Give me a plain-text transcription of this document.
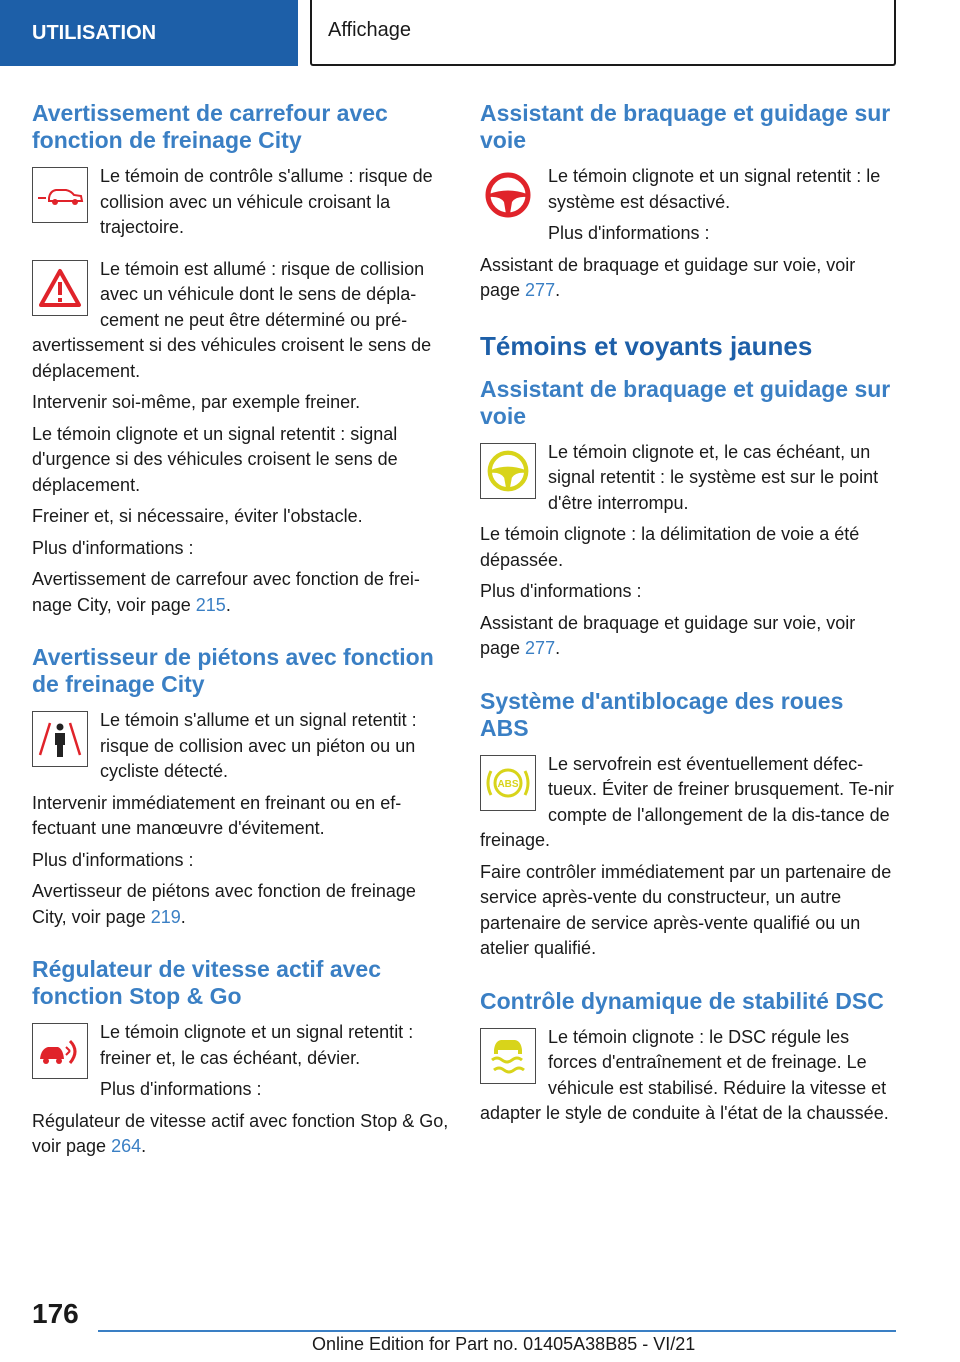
UTILISATION	Affichage
Avertissement de carrefour avec fonction de freinage City

Le témoin de contrôle s'allume : risque de collision avec un véhicule croisant la trajectoire.

Le témoin est allumé : risque de collision avec un véhicule dont le sens de dépla-cement ne peut être déterminé ou pré-avertissement si des véhicules croisent le sens de déplacement.

Intervenir soi-même, par exemple freiner.

Le témoin clignote et un signal retentit : signal d'urgence si des véhicules croisent le sens de déplacement.

Freiner et, si nécessaire, éviter l'obstacle.

Plus d'informations :

Avertissement de carrefour avec fonction de frei-nage City, voir page 215.

Avertisseur de piétons avec fonction de freinage City

Le témoin s'allume et un signal retentit : risque de collision avec un piéton ou un cycliste détecté.

Intervenir immédiatement en freinant ou en ef-fectuant une manœuvre d'évitement.

Plus d'informations :

Avertisseur de piétons avec fonction de freinage City, voir page 219.

Régulateur de vitesse actif avec fonction Stop & Go

Le témoin clignote et un signal retentit : freiner et, le cas échéant, dévier.

Plus d'informations :

Régulateur de vitesse actif avec fonction Stop & Go, voir page 264.

Assistant de braquage et guidage sur voie

Le témoin clignote et un signal retentit : le système est désactivé.

Plus d'informations :

Assistant de braquage et guidage sur voie, voir page 277.

Témoins et voyants jaunes
Assistant de braquage et guidage sur voie

Le témoin clignote et, le cas échéant, un signal retentit : le système est sur le point d'être interrompu.

Le témoin clignote : la délimitation de voie a été dépassée.

Plus d'informations :

Assistant de braquage et guidage sur voie, voir page 277.

Système d'antiblocage des roues ABS
ABS

Le servofrein est éventuellement défec-tueux. Éviter de freiner brusquement. Te-nir compte de l'allongement de la dis-tance de freinage.

Faire contrôler immédiatement par un partenaire de service après-vente du constructeur, un autre partenaire de service après-vente qualifié ou un atelier qualifié.

Contrôle dynamique de stabilité DSC

Le témoin clignote : le DSC régule les forces d'entraînement et de freinage. Le véhicule est stabilisé. Réduire la vitesse et adapter le style de conduite à l'état de la chaussée.

176
Online Edition for Part no. 01405A38B85 - VI/21
